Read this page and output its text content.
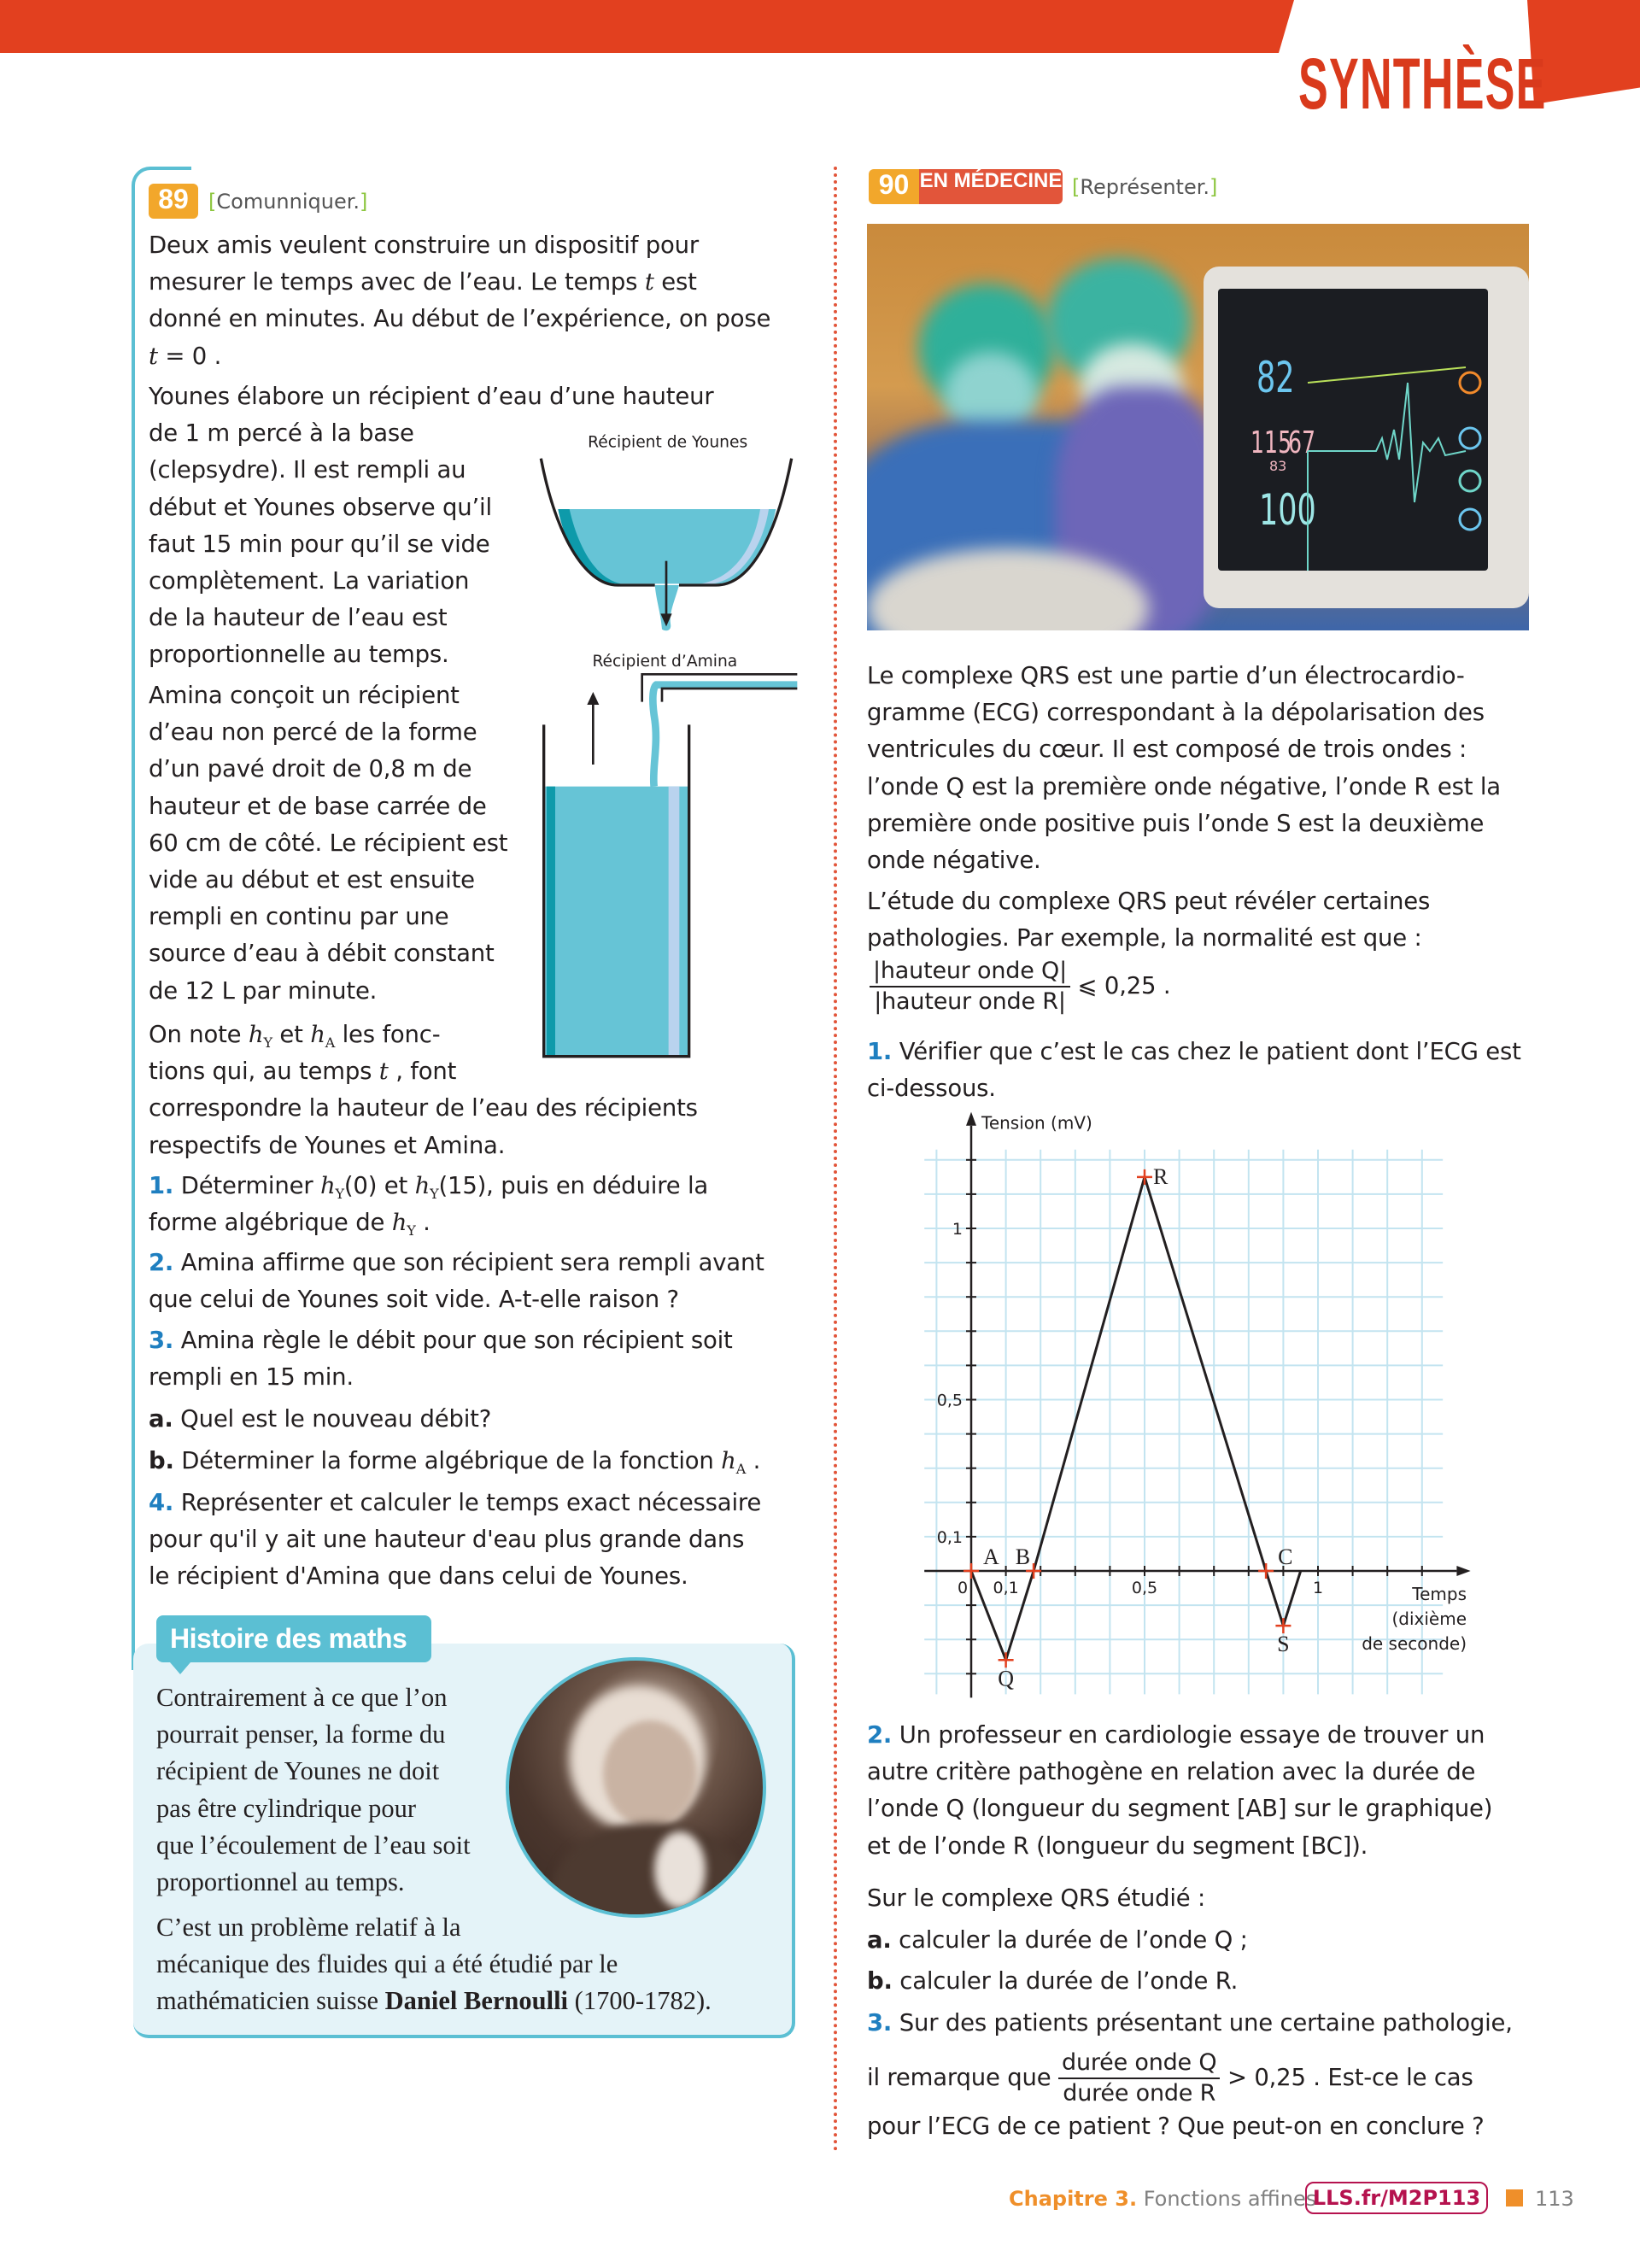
SYNTHÈSE
89 [Comunniquer.]
Deux amis veulent construire un dispositif pour
mesurer le temps avec de l’eau. Le temps t est
donné en minutes. Au début de l’expérience, on pose
t = 0 .
Younes élabore un récipient d’eau d’une hauteur
de 1 m percé à la base
(clepsydre). Il est rempli au
début et Younes observe qu’il
faut 15 min pour qu’il se vide
complètement. La variation
de la hauteur de l’eau est
proportionnelle au temps.
Amina conçoit un récipient
d’eau non percé de la forme
d’un pavé droit de 0,8 m de
hauteur et de base carrée de
60 cm de côté. Le récipient est
vide au début et est ensuite
rempli en continu par une
source d’eau à débit constant
de 12 L par minute.
On note $h_Y$ et $h_A$ les fonc-
tions qui, au temps t , font
correspondre la hauteur de l’eau des récipients
respectifs de Younes et Amina.
1. Déterminer $h_Y(0)$ et $h_Y(15)$, puis en déduire la
forme algébrique de $h_Y$ .
2. Amina affirme que son récipient sera rempli avant
que celui de Younes soit vide. A-t-elle raison ?
3. Amina règle le débit pour que son récipient soit
rempli en 15 min.
a. Quel est le nouveau débit?
b. Déterminer la forme algébrique de la fonction $h_A$ .
4. Représenter et calculer le temps exact nécessaire
pour qu'il y ait une hauteur d'eau plus grande dans
le récipient d'Amina que dans celui de Younes.
Récipient de Younes
Récipient d’Amina
Histoire des maths
Contrairement à ce que l’on
pourrait penser, la forme du
récipient de Younes ne doit
pas être cylindrique pour
que l’écoulement de l’eau soit
proportionnel au temps.
C’est un problème relatif à la
mécanique des fluides qui a été étudié par le
mathématicien suisse Daniel Bernoulli (1700-1782).
90 EN MÉDECINE [Représenter.]
82
115
67
83
100
Le complexe QRS est une partie d’un électrocardio-
gramme (ECG) correspondant à la dépolarisation des
ventricules du cœur. Il est composé de trois ondes :
l’onde Q est la première onde négative, l’onde R est la
première onde positive puis l’onde S est la deuxième
onde négative.
L’étude du complexe QRS peut révéler certaines
pathologies. Par exemple, la normalité est que :
$\frac{\text{|hauteur onde Q|}}{\text{|hauteur onde R|}}$ ⩽ 0,25 .
1. Vérifier que c’est le cas chez le patient dont l’ECG est
ci-dessous.
0 0,1	0,5	1
0,1
0,5
1
Tension (mV)
Temps
(dixième
de seconde)
A
Q
B
R
C
S
2. Un professeur en cardiologie essaye de trouver un
autre critère pathogène en relation avec la durée de
l’onde Q (longueur du segment [AB] sur le graphique)
et de l’onde R (longueur du segment [BC]).
Sur le complexe QRS étudié :
a. calculer la durée de l’onde Q ;
b. calculer la durée de l’onde R.
3. Sur des patients présentant une certaine pathologie,
il remarque que $\frac{\text{durée onde Q}}{\text{durée onde R}} > 0,25$ . Est-ce le cas
pour l’ECG de ce patient ? Que peut-on en conclure ?
Chapitre 3. Fonctions affines
LLS.fr/M2P113	113
